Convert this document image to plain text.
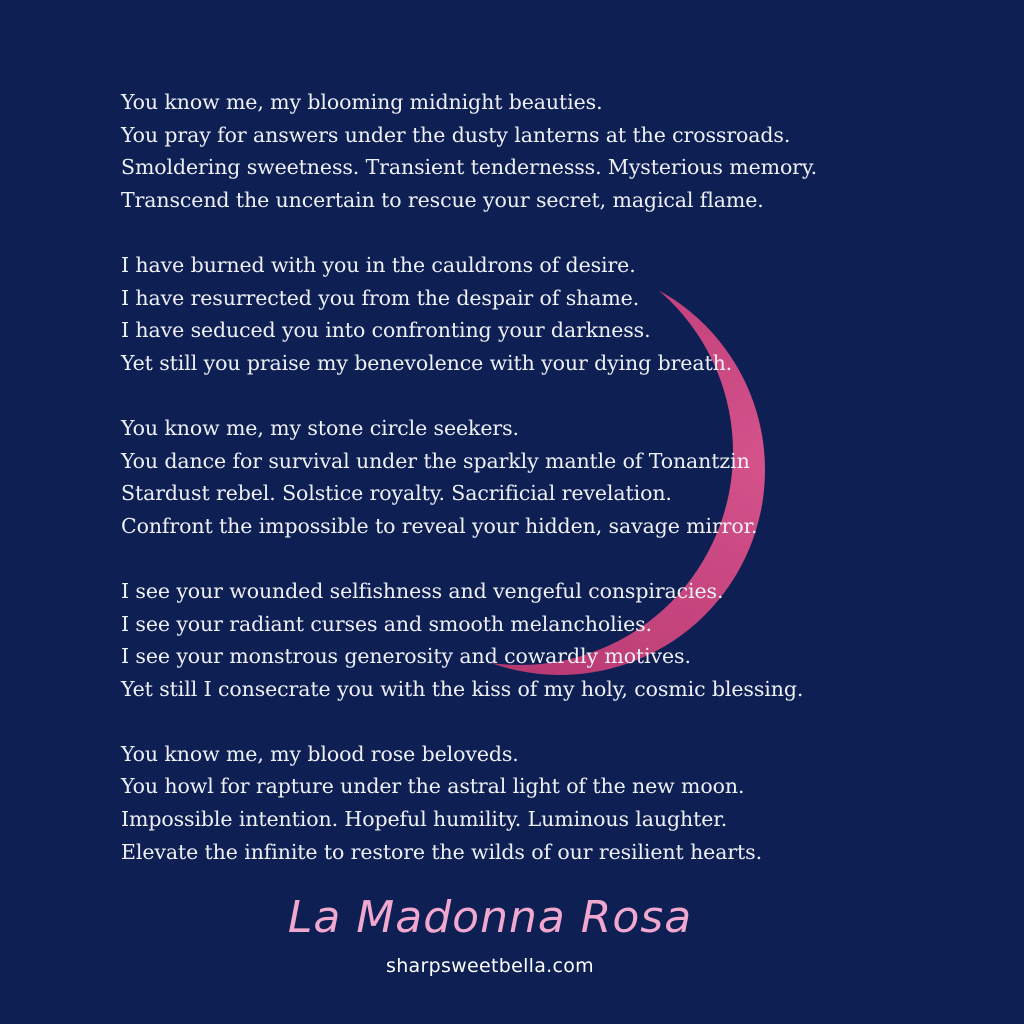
You know me, my blooming midnight beauties.
You pray for answers under the dusty lanterns at the crossroads.
Smoldering sweetness. Transient tendernesss. Mysterious memory.
Transcend the uncertain to rescue your secret, magical flame.
I have burned with you in the cauldrons of desire.
I have resurrected you from the despair of shame.
I have seduced you into confronting your darkness.
Yet still you praise my benevolence with your dying breath.
You know me, my stone circle seekers.
You dance for survival under the sparkly mantle of Tonantzin
Stardust rebel. Solstice royalty. Sacrificial revelation.
Confront the impossible to reveal your hidden, savage mirror.
I see your wounded selfishness and vengeful conspiracies.
I see your radiant curses and smooth melancholies.
I see your monstrous generosity and cowardly motives.
Yet still I consecrate you with the kiss of my holy, cosmic blessing.
You know me, my blood rose beloveds.
You howl for rapture under the astral light of the new moon.
Impossible intention. Hopeful humility. Luminous laughter.
Elevate the infinite to restore the wilds of our resilient hearts.
La Madonna Rosa
sharpsweetbella.com
